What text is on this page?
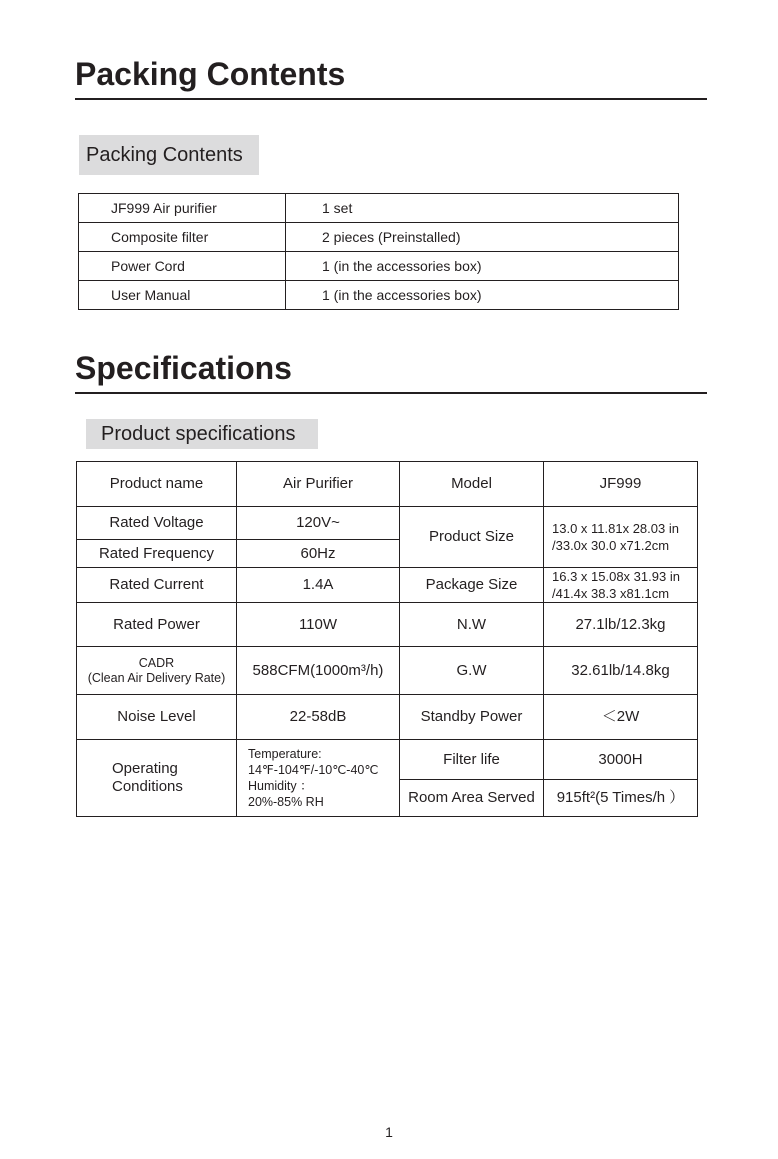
Packing Contents
Packing Contents
JF999 Air purifier	1 set
Composite filter	2 pieces (Preinstalled)
Power Cord	1 (in the accessories box)
User Manual	1 (in the accessories box)
Specifications
Product specifications
Product name	Air Purifier	Model	JF999
Rated Voltage	120V~	Product Size	13.0 x 11.81x 28.03 in
/33.0x 30.0 x71.2cm

Rated Frequency	60Hz		
Rated Current	1.4A	Package Size	16.3 x 15.08x 31.93 in
/41.4x 38.3 x81.1cm

Rated Power	110W	N.W	27.1lb/12.3kg

CADR
(Clean Air Delivery Rate)	588CFM(1000m³/h)	G.W	32.61lb/14.8kg
Noise Level	22-58dB	Standby Power	＜2W

Operating
Conditions	Temperature:
14℉-104℉/-10℃-40℃
Humidity ：
20%-85% RH	Filter life	3000H
		Room Area Served	915ft²(5 Times/h ）
1
